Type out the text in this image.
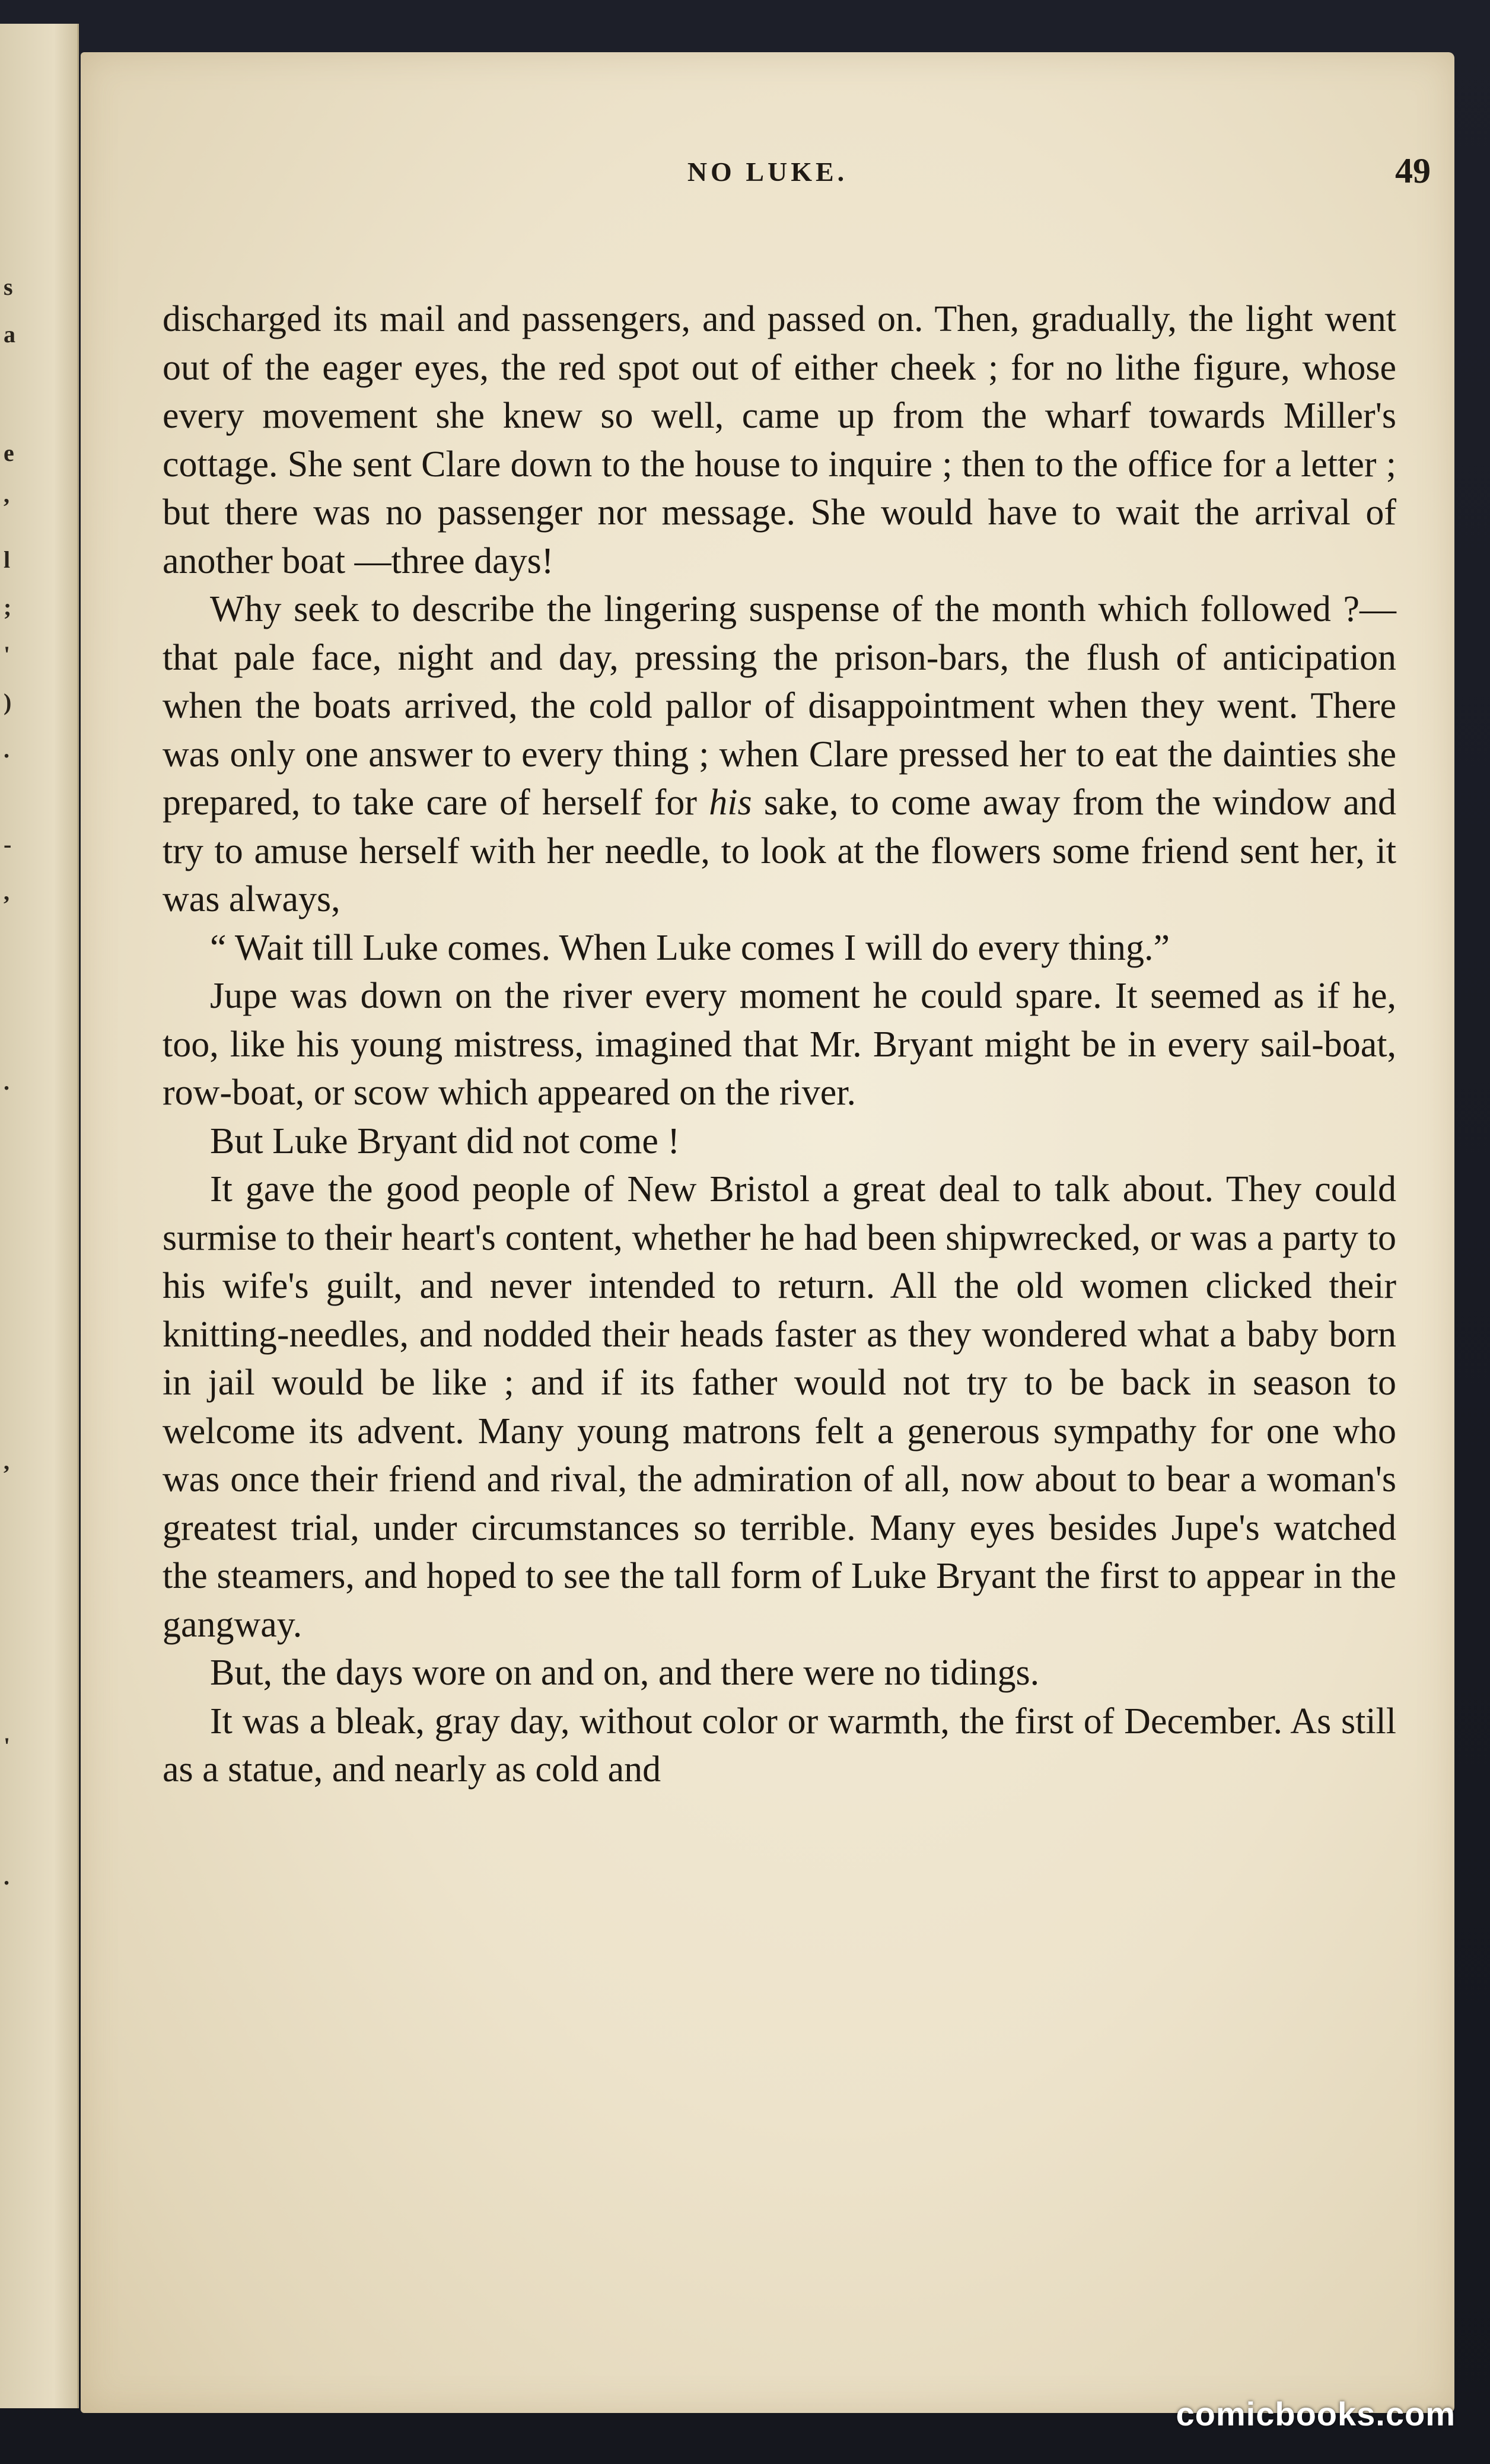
s
a
e
,
l
;
'
)
.
-
,
.
,
'
.
NO LUKE.	49

discharged its mail and passengers, and passed on. Then, gradually, the light went out of the eager eyes, the red spot out of either cheek ; for no lithe figure, whose every movement she knew so well, came up from the wharf towards Miller's cottage. She sent Clare down to the house to inquire ; then to the office for a letter ; but there was no passenger nor message. She would have to wait the arrival of another boat —three days!

Why seek to describe the lingering suspense of the month which followed ?—that pale face, night and day, pressing the prison-bars, the flush of anticipation when the boats arrived, the cold pallor of disappointment when they went. There was only one answer to every thing ; when Clare pressed her to eat the dainties she prepared, to take care of herself for his sake, to come away from the window and try to amuse herself with her needle, to look at the flowers some friend sent her, it was always,

“ Wait till Luke comes. When Luke comes I will do every thing.”

Jupe was down on the river every moment he could spare. It seemed as if he, too, like his young mistress, imagined that Mr. Bryant might be in every sail-boat, row-boat, or scow which appeared on the river.

But Luke Bryant did not come !

It gave the good people of New Bristol a great deal to talk about. They could surmise to their heart's content, whether he had been shipwrecked, or was a party to his wife's guilt, and never intended to return. All the old women clicked their knitting-needles, and nodded their heads faster as they wondered what a baby born in jail would be like ; and if its father would not try to be back in season to welcome its advent. Many young matrons felt a generous sympathy for one who was once their friend and rival, the admiration of all, now about to bear a woman's greatest trial, under circumstances so terrible. Many eyes besides Jupe's watched the steamers, and hoped to see the tall form of Luke Bryant the first to appear in the gangway.

But, the days wore on and on, and there were no tidings.

It was a bleak, gray day, without color or warmth, the first of December. As still as a statue, and nearly as cold and

comicbooks.com
